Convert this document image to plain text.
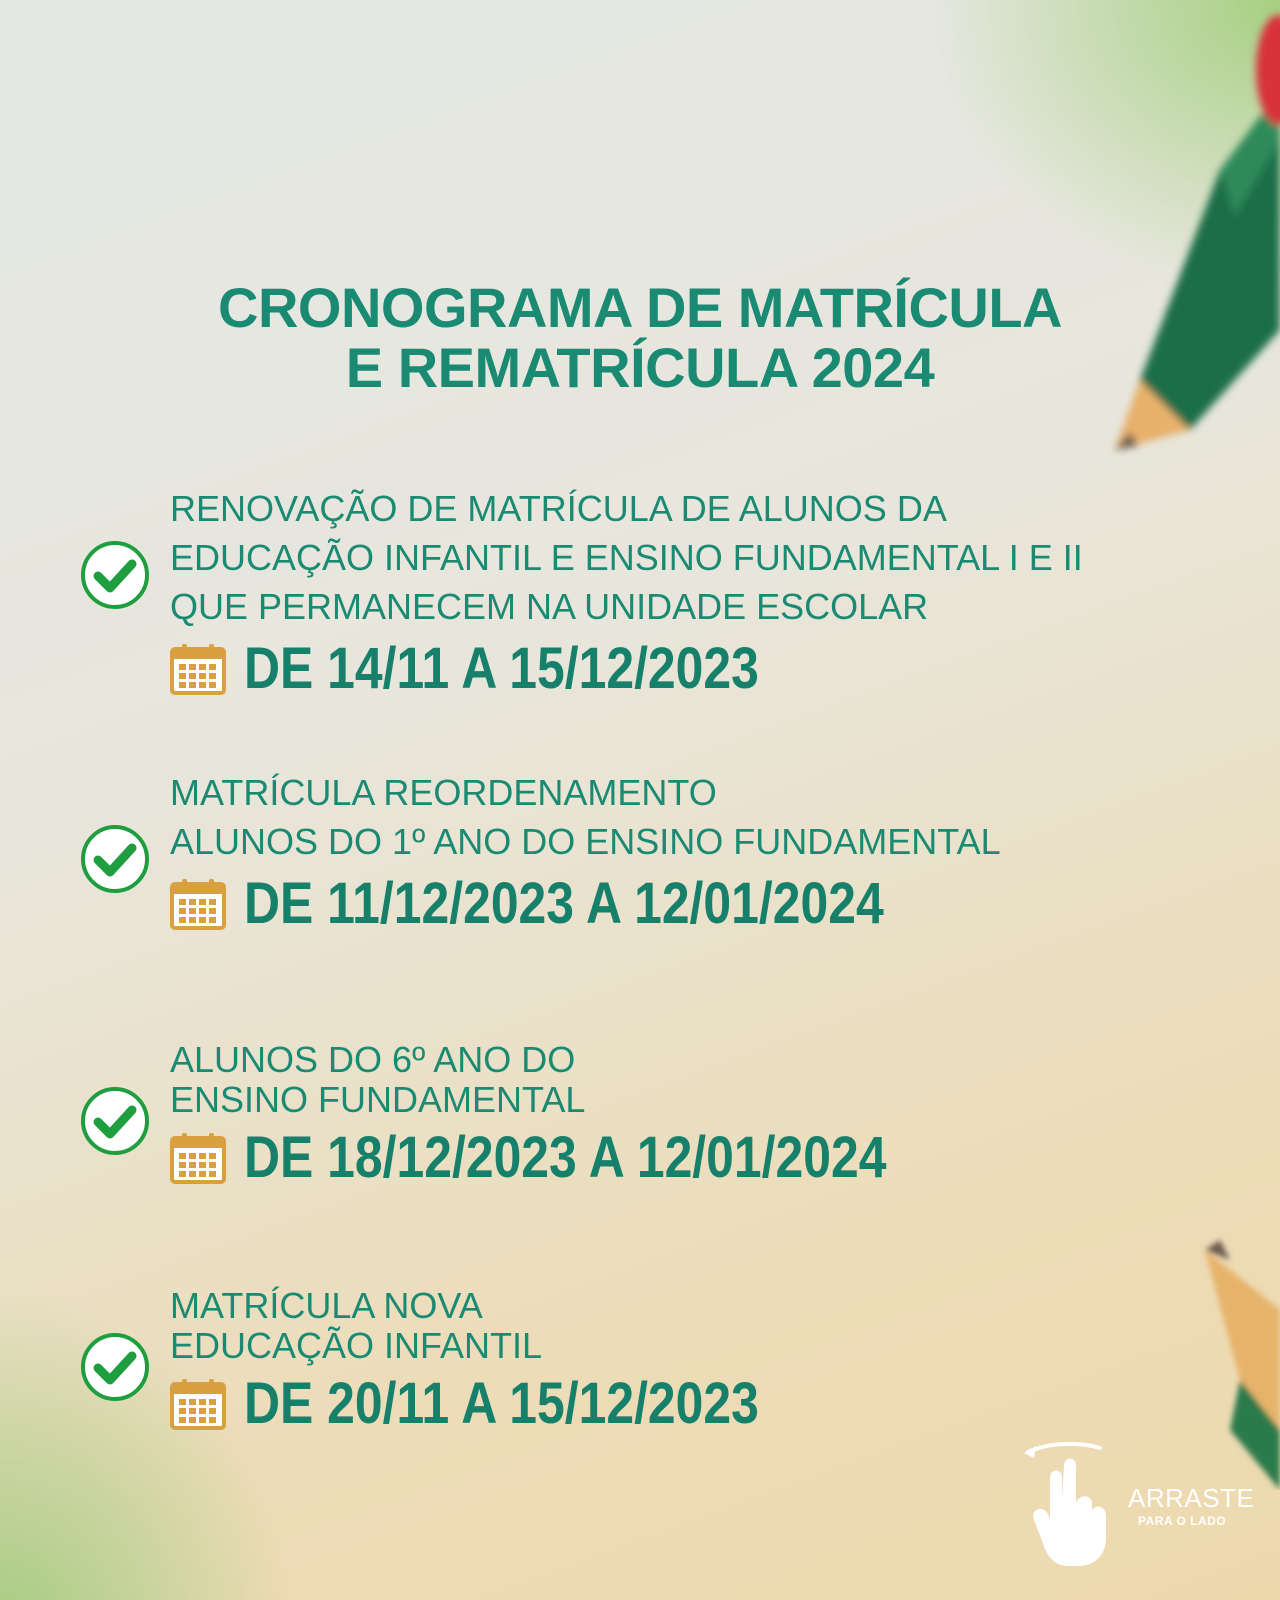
CRONOGRAMA DE MATRÍCULA
E REMATRÍCULA 2024
RENOVAÇÃO DE MATRÍCULA DE ALUNOS DA
EDUCAÇÃO INFANTIL E ENSINO FUNDAMENTAL I E II
QUE PERMANECEM NA UNIDADE ESCOLAR
DE 14/11 A 15/12/2023
MATRÍCULA REORDENAMENTO
ALUNOS DO 1º ANO DO ENSINO FUNDAMENTAL
DE 11/12/2023 A 12/01/2024
ALUNOS DO 6º ANO DO
ENSINO FUNDAMENTAL
DE 18/12/2023 A 12/01/2024
MATRÍCULA NOVA
EDUCAÇÃO INFANTIL
DE 20/11 A 15/12/2023
ARRASTE
PARA O LADO
